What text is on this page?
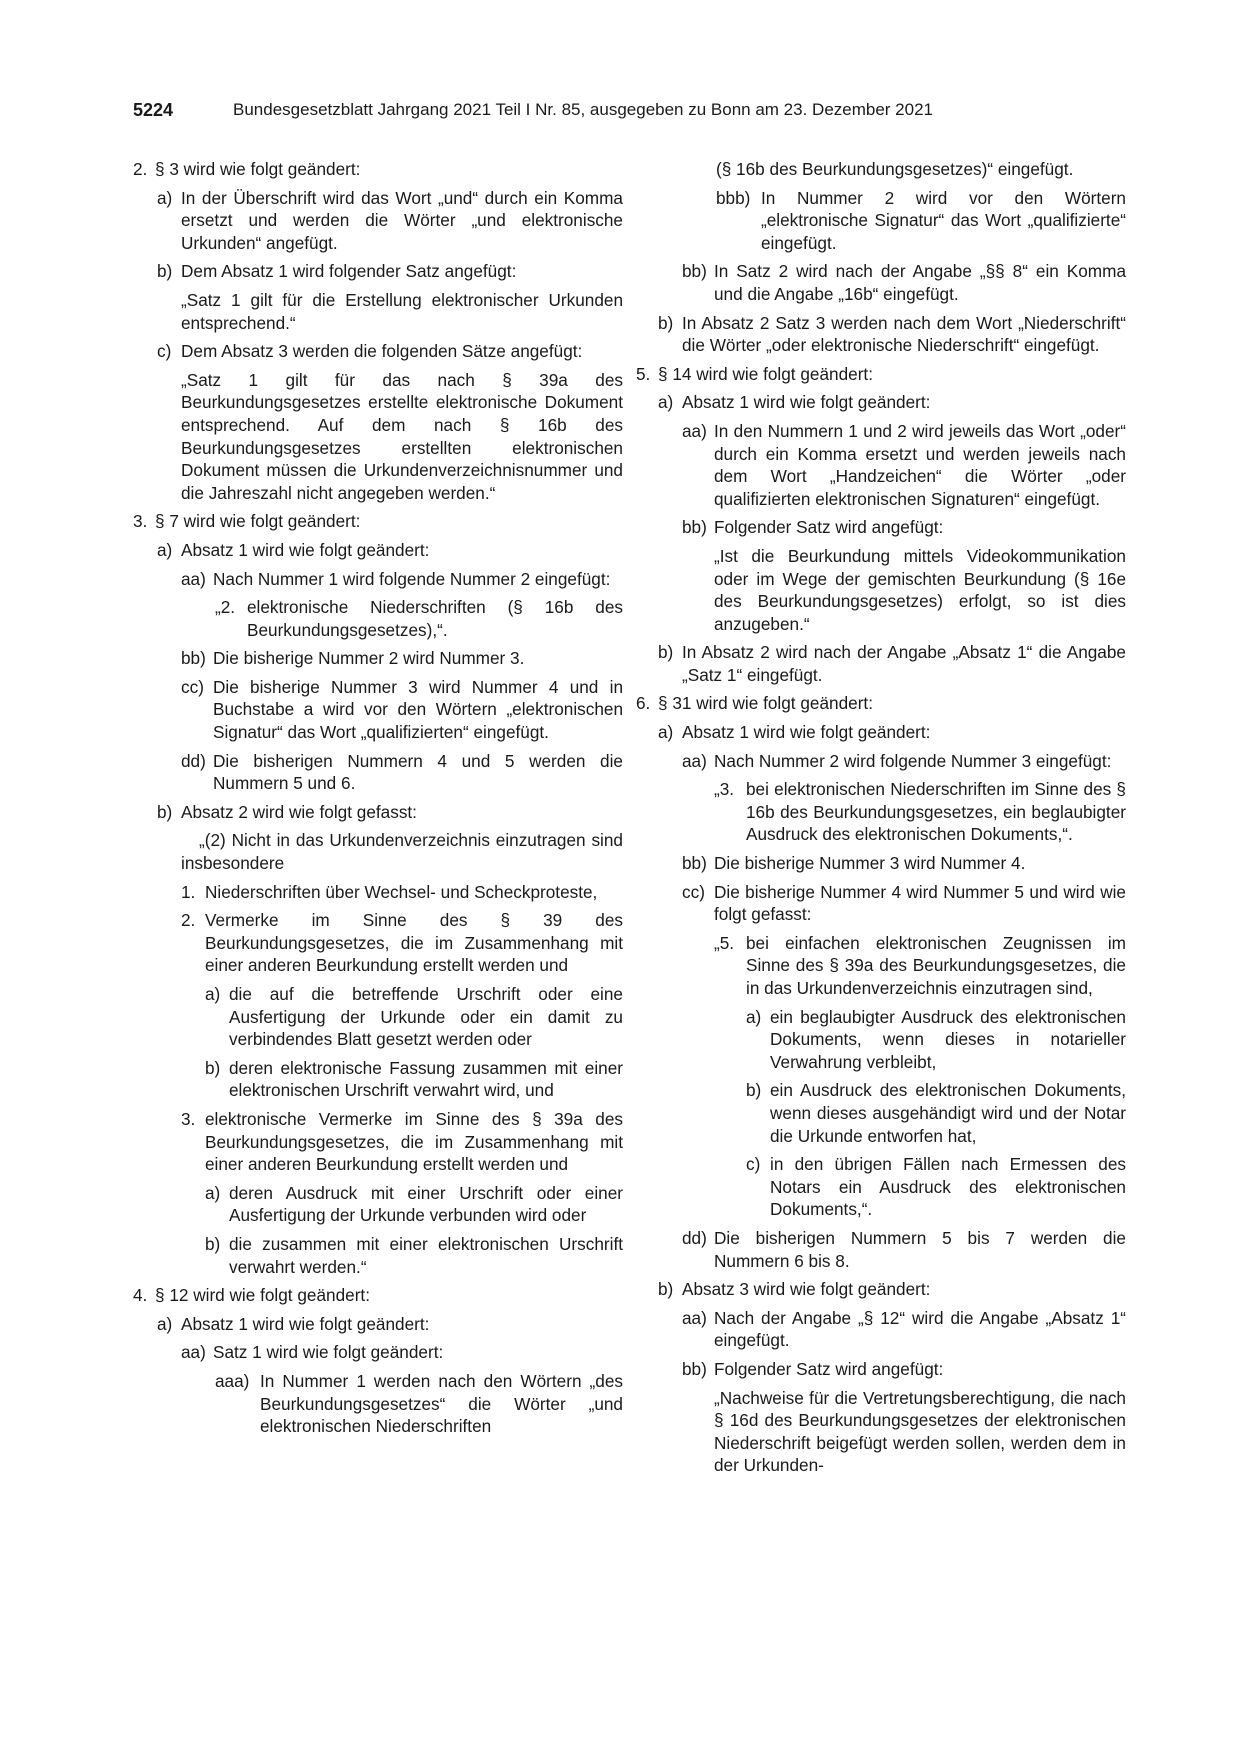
5224	Bundesgesetzblatt Jahrgang 2021 Teil I Nr. 85, ausgegeben zu Bonn am 23. Dezember 2021
2. § 3 wird wie folgt geändert:
a) In der Überschrift wird das Wort „und“ durch ein Komma ersetzt und werden die Wörter „und elektronische Urkunden“ angefügt.
b) Dem Absatz 1 wird folgender Satz angefügt:
„Satz 1 gilt für die Erstellung elektronischer Urkunden entsprechend.“
c) Dem Absatz 3 werden die folgenden Sätze angefügt:
„Satz 1 gilt für das nach § 39a des Beurkundungsgesetzes erstellte elektronische Dokument entsprechend. Auf dem nach § 16b des Beurkundungsgesetzes erstellten elektronischen Dokument müssen die Urkundenverzeichnisnummer und die Jahreszahl nicht angegeben werden.“
3. § 7 wird wie folgt geändert:
a) Absatz 1 wird wie folgt geändert:
aa) Nach Nummer 1 wird folgende Nummer 2 eingefügt:
„2. elektronische Niederschriften (§ 16b des Beurkundungsgesetzes),“.
bb) Die bisherige Nummer 2 wird Nummer 3.
cc) Die bisherige Nummer 3 wird Nummer 4 und in Buchstabe a wird vor den Wörtern „elektronischen Signatur“ das Wort „qualifizierten“ eingefügt.
dd) Die bisherigen Nummern 4 und 5 werden die Nummern 5 und 6.
b) Absatz 2 wird wie folgt gefasst:
„(2) Nicht in das Urkundenverzeichnis einzutragen sind insbesondere
1. Niederschriften über Wechsel- und Scheckproteste,
2. Vermerke im Sinne des § 39 des Beurkundungsgesetzes, die im Zusammenhang mit einer anderen Beurkundung erstellt werden und
a) die auf die betreffende Urschrift oder eine Ausfertigung der Urkunde oder ein damit zu verbindendes Blatt gesetzt werden oder
b) deren elektronische Fassung zusammen mit einer elektronischen Urschrift verwahrt wird, und
3. elektronische Vermerke im Sinne des § 39a des Beurkundungsgesetzes, die im Zusammenhang mit einer anderen Beurkundung erstellt werden und
a) deren Ausdruck mit einer Urschrift oder einer Ausfertigung der Urkunde verbunden wird oder
b) die zusammen mit einer elektronischen Urschrift verwahrt werden.“
4. § 12 wird wie folgt geändert:
a) Absatz 1 wird wie folgt geändert:
aa) Satz 1 wird wie folgt geändert:
aaa) In Nummer 1 werden nach den Wörtern „des Beurkundungsgesetzes“ die Wörter „und elektronischen Niederschriften
(§ 16b des Beurkundungsgesetzes)“ eingefügt.
bbb) In Nummer 2 wird vor den Wörtern „elektronische Signatur“ das Wort „qualifizierte“ eingefügt.
bb) In Satz 2 wird nach der Angabe „§§ 8“ ein Komma und die Angabe „16b“ eingefügt.
b) In Absatz 2 Satz 3 werden nach dem Wort „Niederschrift“ die Wörter „oder elektronische Niederschrift“ eingefügt.
5. § 14 wird wie folgt geändert:
a) Absatz 1 wird wie folgt geändert:
aa) In den Nummern 1 und 2 wird jeweils das Wort „oder“ durch ein Komma ersetzt und werden jeweils nach dem Wort „Handzeichen“ die Wörter „oder qualifizierten elektronischen Signaturen“ eingefügt.
bb) Folgender Satz wird angefügt:
„Ist die Beurkundung mittels Videokommunikation oder im Wege der gemischten Beurkundung (§ 16e des Beurkundungsgesetzes) erfolgt, so ist dies anzugeben.“
b) In Absatz 2 wird nach der Angabe „Absatz 1“ die Angabe „Satz 1“ eingefügt.
6. § 31 wird wie folgt geändert:
a) Absatz 1 wird wie folgt geändert:
aa) Nach Nummer 2 wird folgende Nummer 3 eingefügt:
„3. bei elektronischen Niederschriften im Sinne des § 16b des Beurkundungsgesetzes, ein beglaubigter Ausdruck des elektronischen Dokuments,“.
bb) Die bisherige Nummer 3 wird Nummer 4.
cc) Die bisherige Nummer 4 wird Nummer 5 und wird wie folgt gefasst:
„5. bei einfachen elektronischen Zeugnissen im Sinne des § 39a des Beurkundungsgesetzes, die in das Urkundenverzeichnis einzutragen sind,
a) ein beglaubigter Ausdruck des elektronischen Dokuments, wenn dieses in notarieller Verwahrung verbleibt,
b) ein Ausdruck des elektronischen Dokuments, wenn dieses ausgehändigt wird und der Notar die Urkunde entworfen hat,
c) in den übrigen Fällen nach Ermessen des Notars ein Ausdruck des elektronischen Dokuments,“.
dd) Die bisherigen Nummern 5 bis 7 werden die Nummern 6 bis 8.
b) Absatz 3 wird wie folgt geändert:
aa) Nach der Angabe „§ 12“ wird die Angabe „Absatz 1“ eingefügt.
bb) Folgender Satz wird angefügt:
„Nachweise für die Vertretungsberechtigung, die nach § 16d des Beurkundungsgesetzes der elektronischen Niederschrift beigefügt werden sollen, werden dem in der Urkunden-
